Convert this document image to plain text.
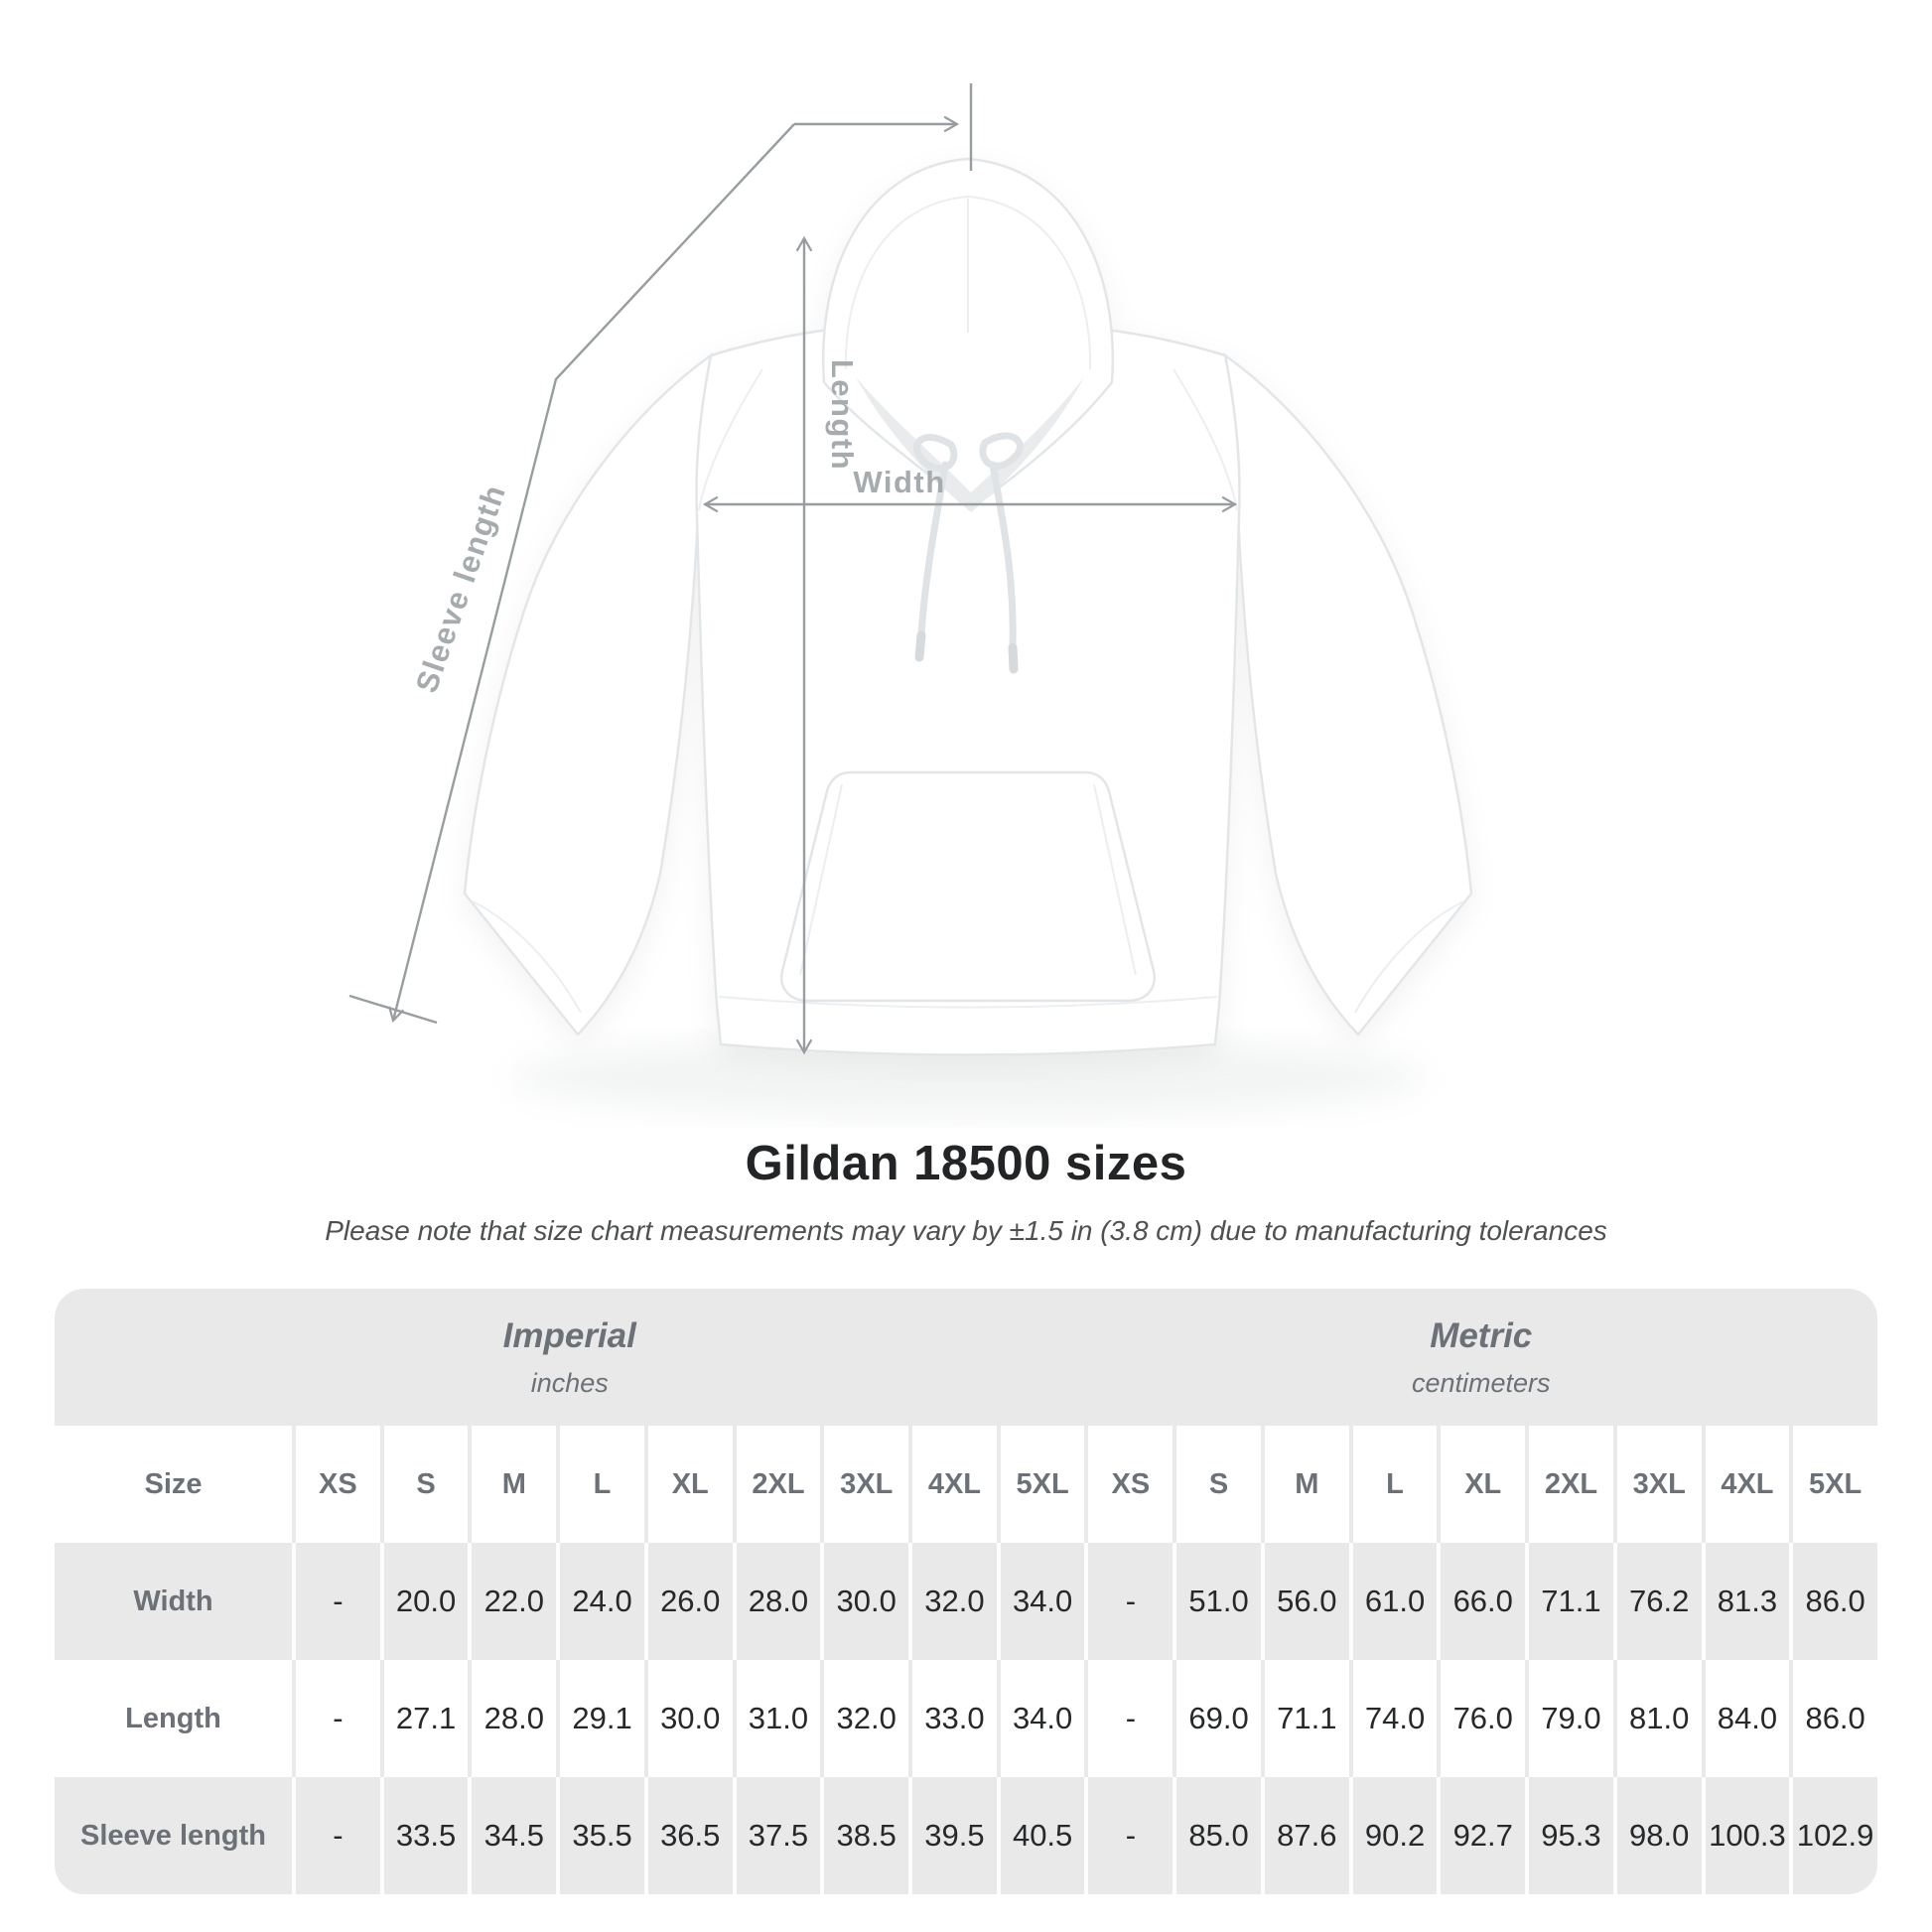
Length
Width
Sleeve length
Gildan 18500 sizes
Please note that size chart measurements may vary by ±1.5 in (3.8 cm) due to manufacturing tolerances
Imperial
inches
Metric
centimeters
Size	XS	S	M	L	XL	2XL	3XL	4XL	5XL	XS	S	M	L	XL	2XL	3XL	4XL	5XL
Width	-	20.0 22.0 24.0 26.0 28.0 30.0 32.0 34.0	-	51.0 56.0 61.0 66.0 71.1 76.2 81.3 86.0
Length	-	27.1 28.0 29.1 30.0 31.0 32.0 33.0 34.0	-	69.0 71.1 74.0 76.0 79.0 81.0 84.0 86.0
Sleeve length	-	33.5 34.5 35.5 36.5 37.5 38.5 39.5 40.5	-	85.0 87.6 90.2 92.7 95.3 98.0 100.3 102.9
